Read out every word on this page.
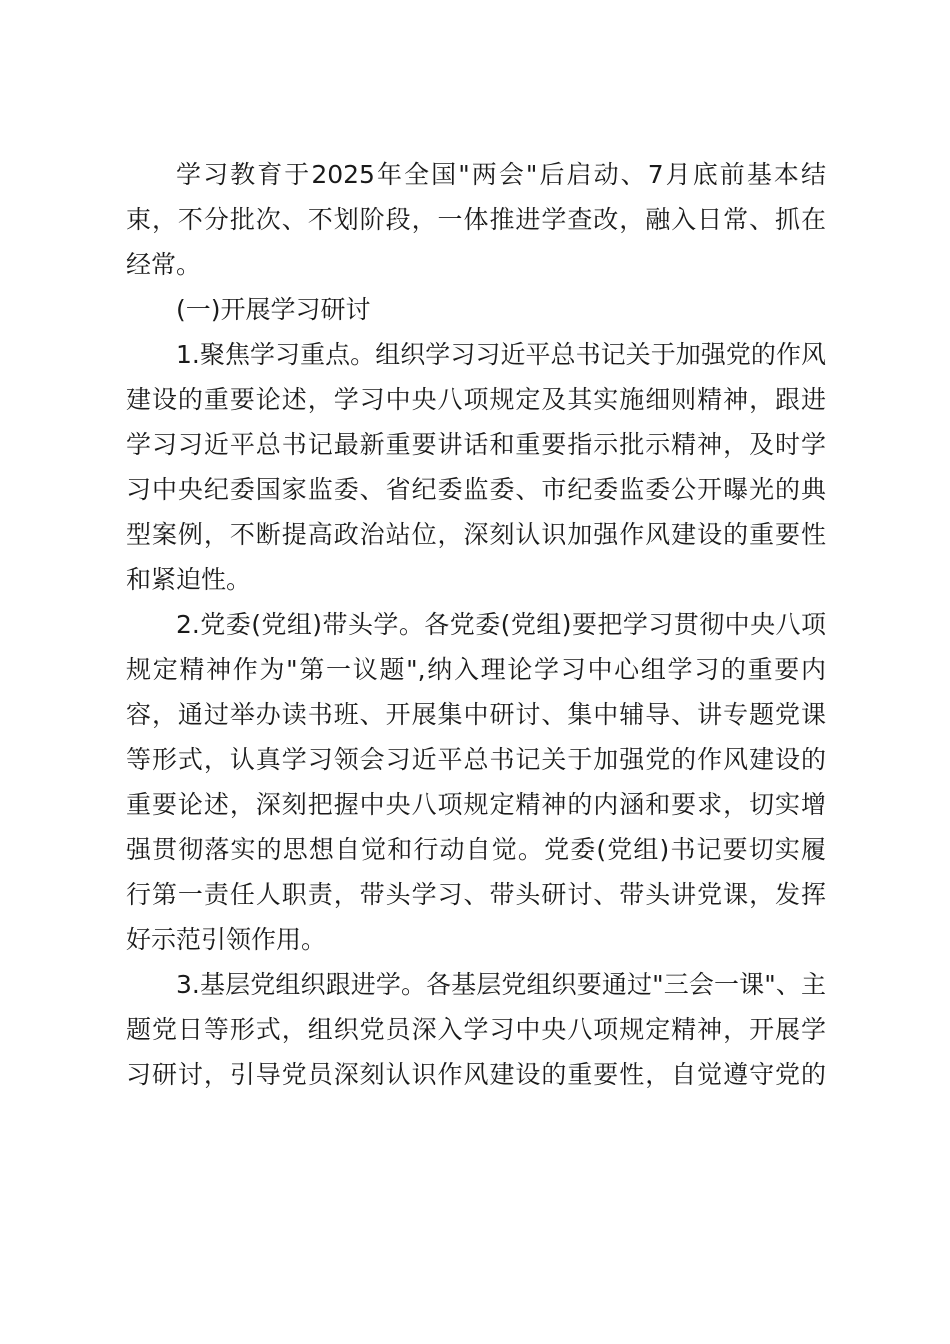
学习教育于2025年全国"两会"后启动、7月底前基本结
束，不分批次、不划阶段，一体推进学查改，融入日常、抓在
经常。
(一)开展学习研讨
1.聚焦学习重点。组织学习习近平总书记关于加强党的作风
建设的重要论述，学习中央八项规定及其实施细则精神，跟进
学习习近平总书记最新重要讲话和重要指示批示精神，及时学
习中央纪委国家监委、省纪委监委、市纪委监委公开曝光的典
型案例，不断提高政治站位，深刻认识加强作风建设的重要性
和紧迫性。
2.党委(党组)带头学。各党委(党组)要把学习贯彻中央八项
规定精神作为"第一议题",纳入理论学习中心组学习的重要内
容，通过举办读书班、开展集中研讨、集中辅导、讲专题党课
等形式，认真学习领会习近平总书记关于加强党的作风建设的
重要论述，深刻把握中央八项规定精神的内涵和要求，切实增
强贯彻落实的思想自觉和行动自觉。党委(党组)书记要切实履
行第一责任人职责，带头学习、带头研讨、带头讲党课，发挥
好示范引领作用。
3.基层党组织跟进学。各基层党组织要通过"三会一课"、主
题党日等形式，组织党员深入学习中央八项规定精神，开展学
习研讨，引导党员深刻认识作风建设的重要性，自觉遵守党的
